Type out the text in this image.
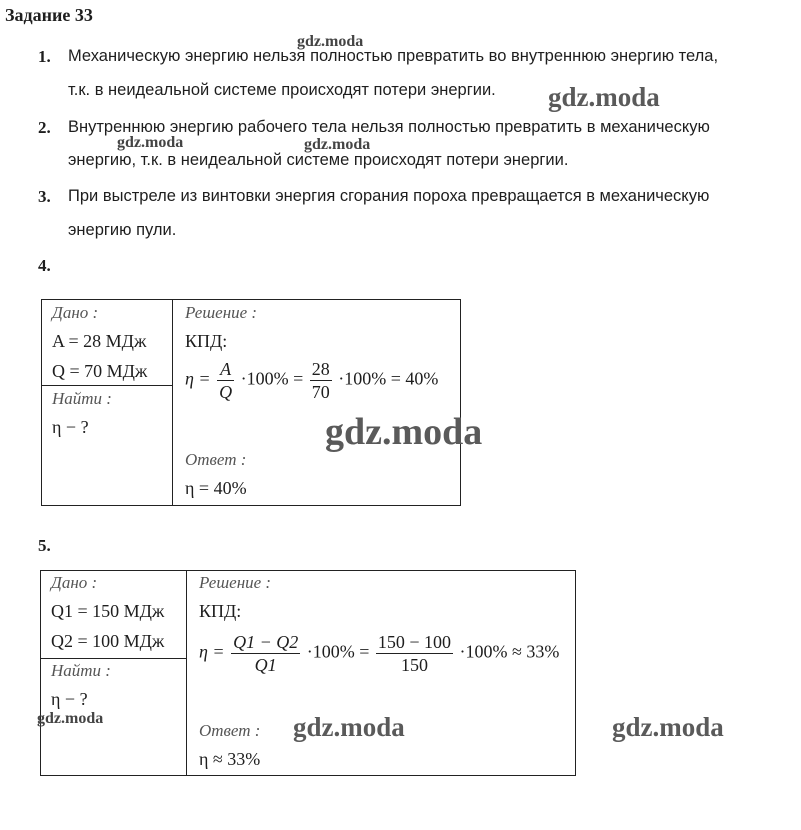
Задание 33
1. Механическую энергию нельзя полностью превратить во внутреннюю энергию тела,
т.к. в неидеальной системе происходят потери энергии.
2. Внутреннюю энергию рабочего тела нельзя полностью превратить в механическую
энергию, т.к. в неидеальной системе происходят потери энергии.
3. При выстреле из винтовки энергия сгорания пороха превращается в механическую
энергию пули.
4.
Дано :
A = 28 МДж
Q = 70 МДж

Решение :
КПД:
$\eta = \frac{A}{Q} \cdot 100\% = \frac{28}{70} \cdot 100\% = 40\%$
Ответ :
η = 40%

Найти :
η − ?
5.
Дано :
Q1 = 150 МДж
Q2 = 100 МДж

Решение :
КПД:
$\eta = \frac{Q1 - Q2}{Q1} \cdot 100\% = \frac{150 - 100}{150} \cdot 100\% \approx 33\%$
Ответ :
η ≈ 33%

Найти :
η − ?
gdz.moda
gdz.moda
gdz.moda	gdz.moda
gdz.moda
gdz.moda	gdz.moda	gdz.moda
